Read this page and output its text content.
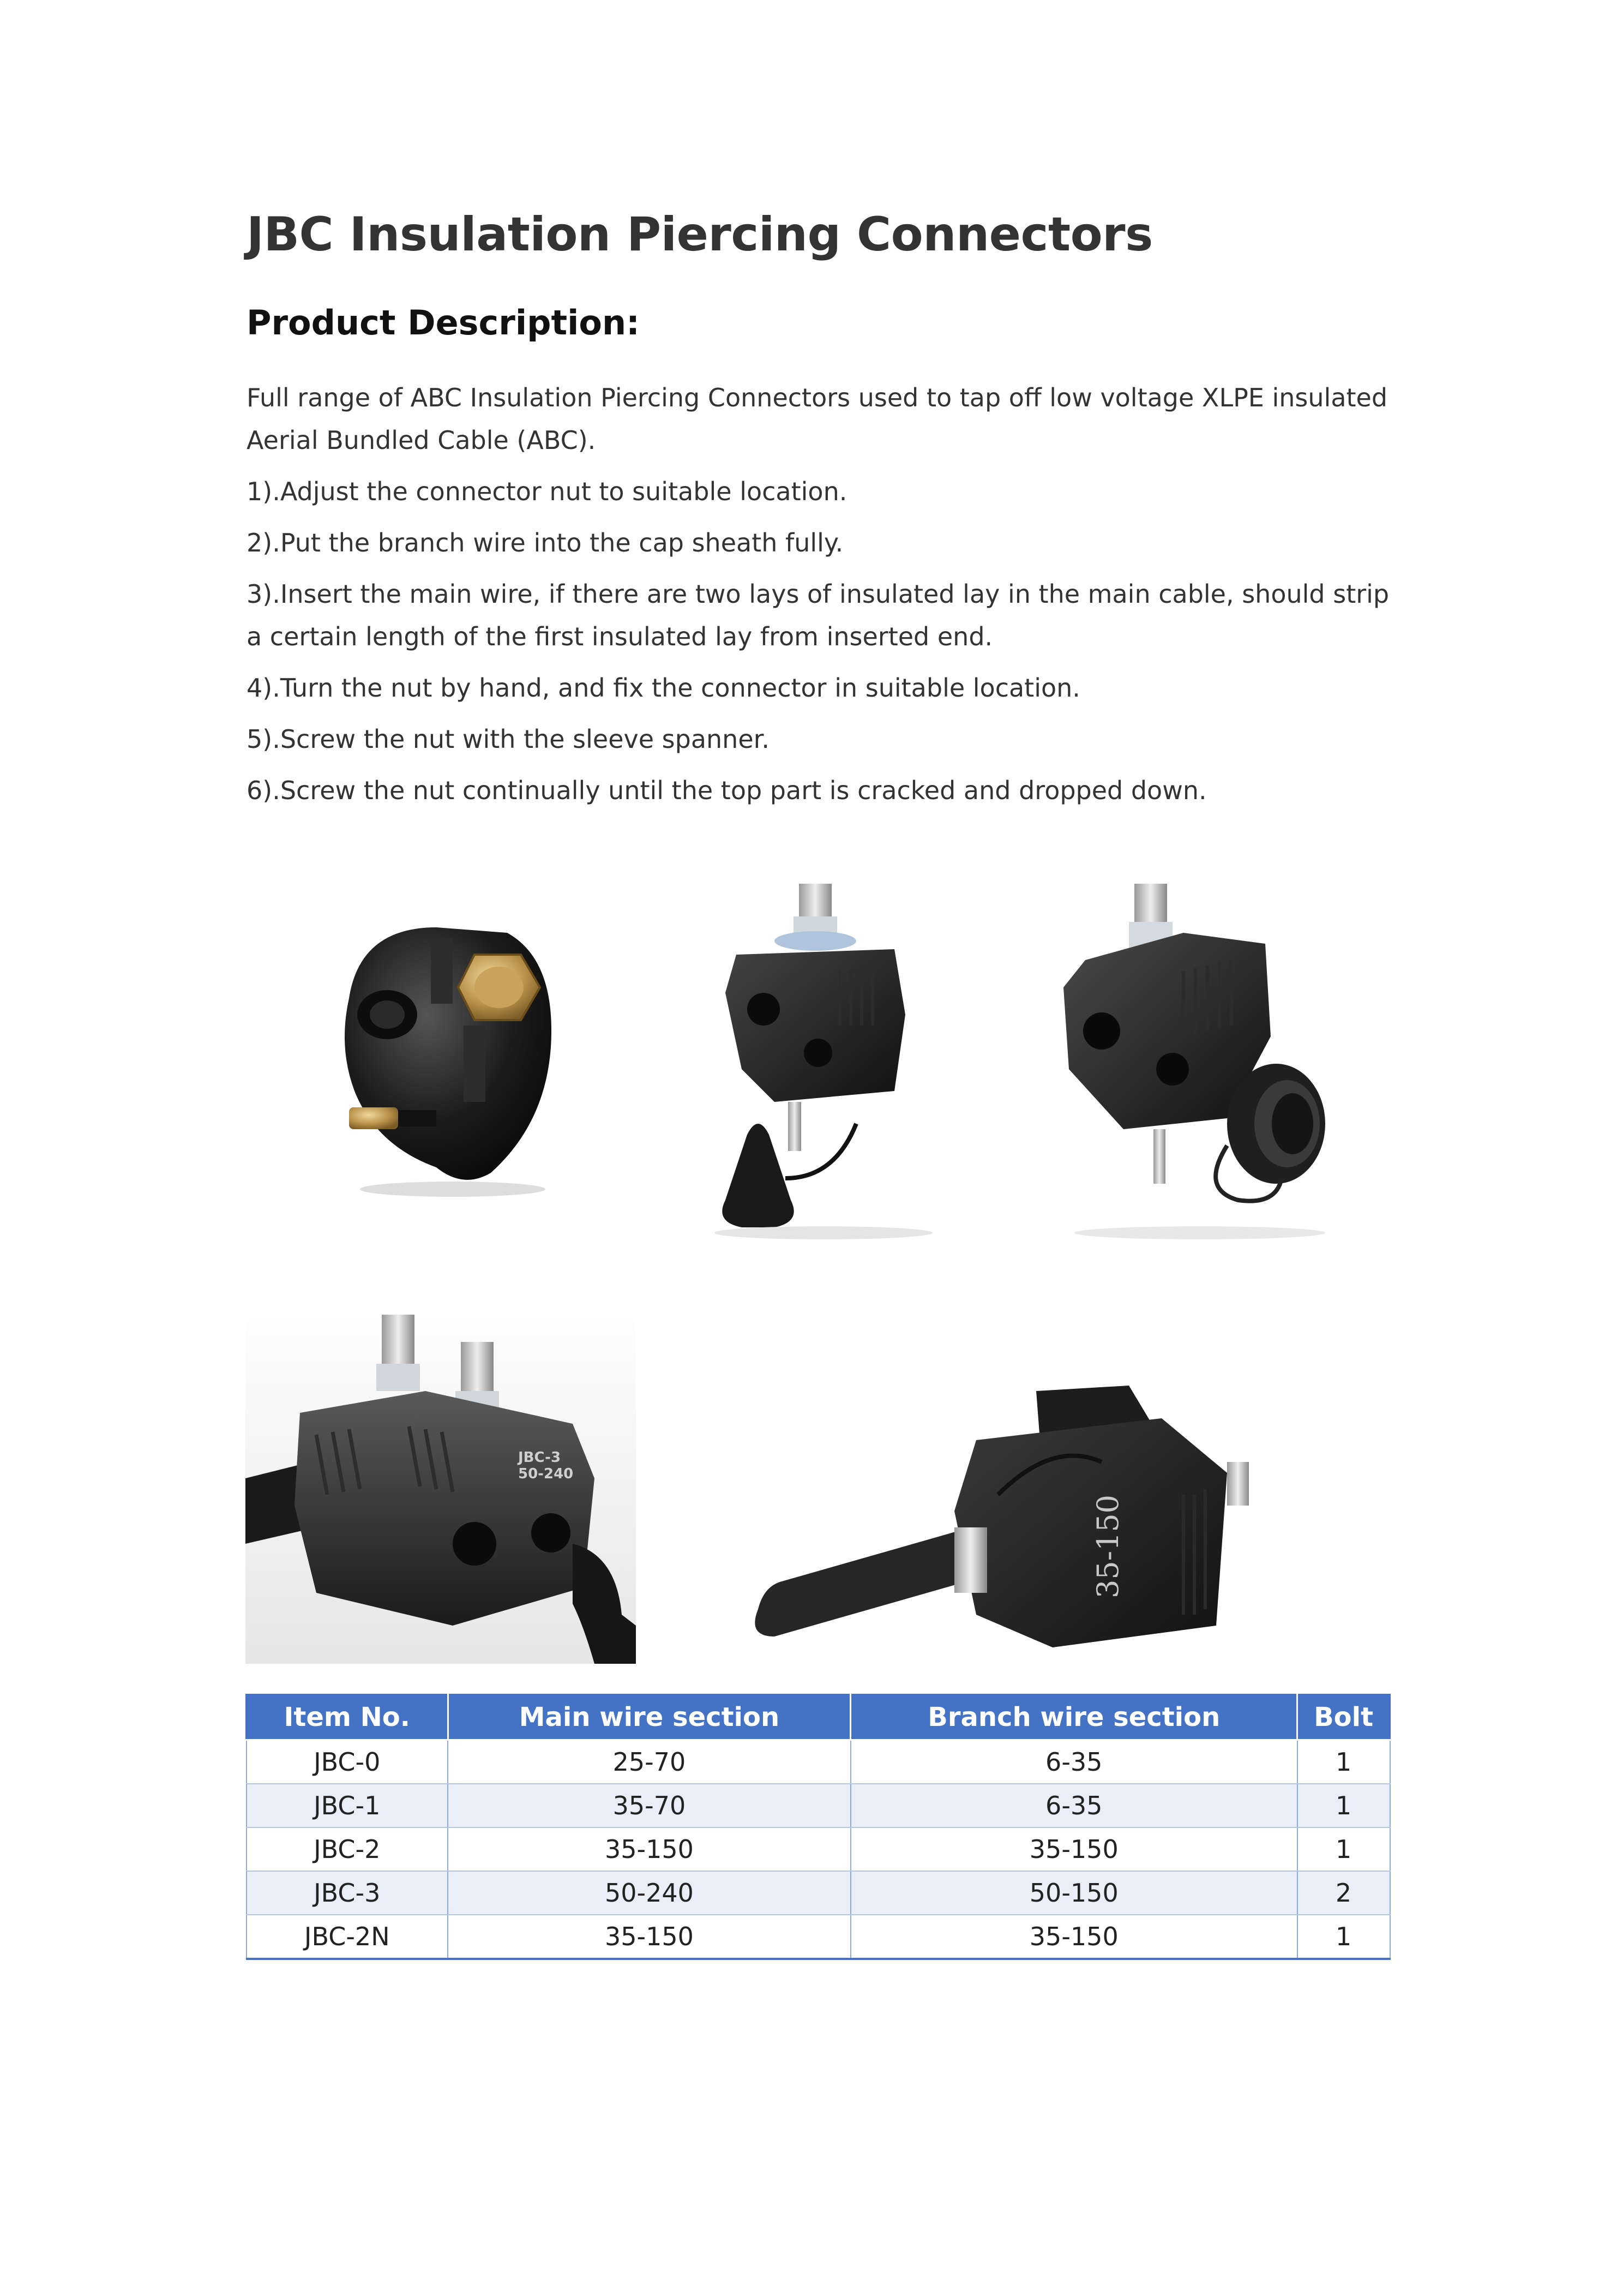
JBC Insulation Piercing Connectors
Product Description:

Full range of ABC Insulation Piercing Connectors used to tap off low voltage XLPE insulated Aerial Bundled Cable (ABC).

1).Adjust the connector nut to suitable location.

2).Put the branch wire into the cap sheath fully.

3).Insert the main wire, if there are two lays of insulated lay in the main cable, should strip a certain length of the first insulated lay from inserted end.

4).Turn the nut by hand, and fix the connector in suitable location.

5).Screw the nut with the sleeve spanner.

6).Screw the nut continually until the top part is cracked and dropped down.

JBC-3
50-240
35-150
Item No.	Main wire section	Branch wire section	Bolt
JBC-0	25-70	6-35	1
JBC-1	35-70	6-35	1
JBC-2	35-150	35-150	1
JBC-3	50-240	50-150	2
JBC-2N	35-150	35-150	1
